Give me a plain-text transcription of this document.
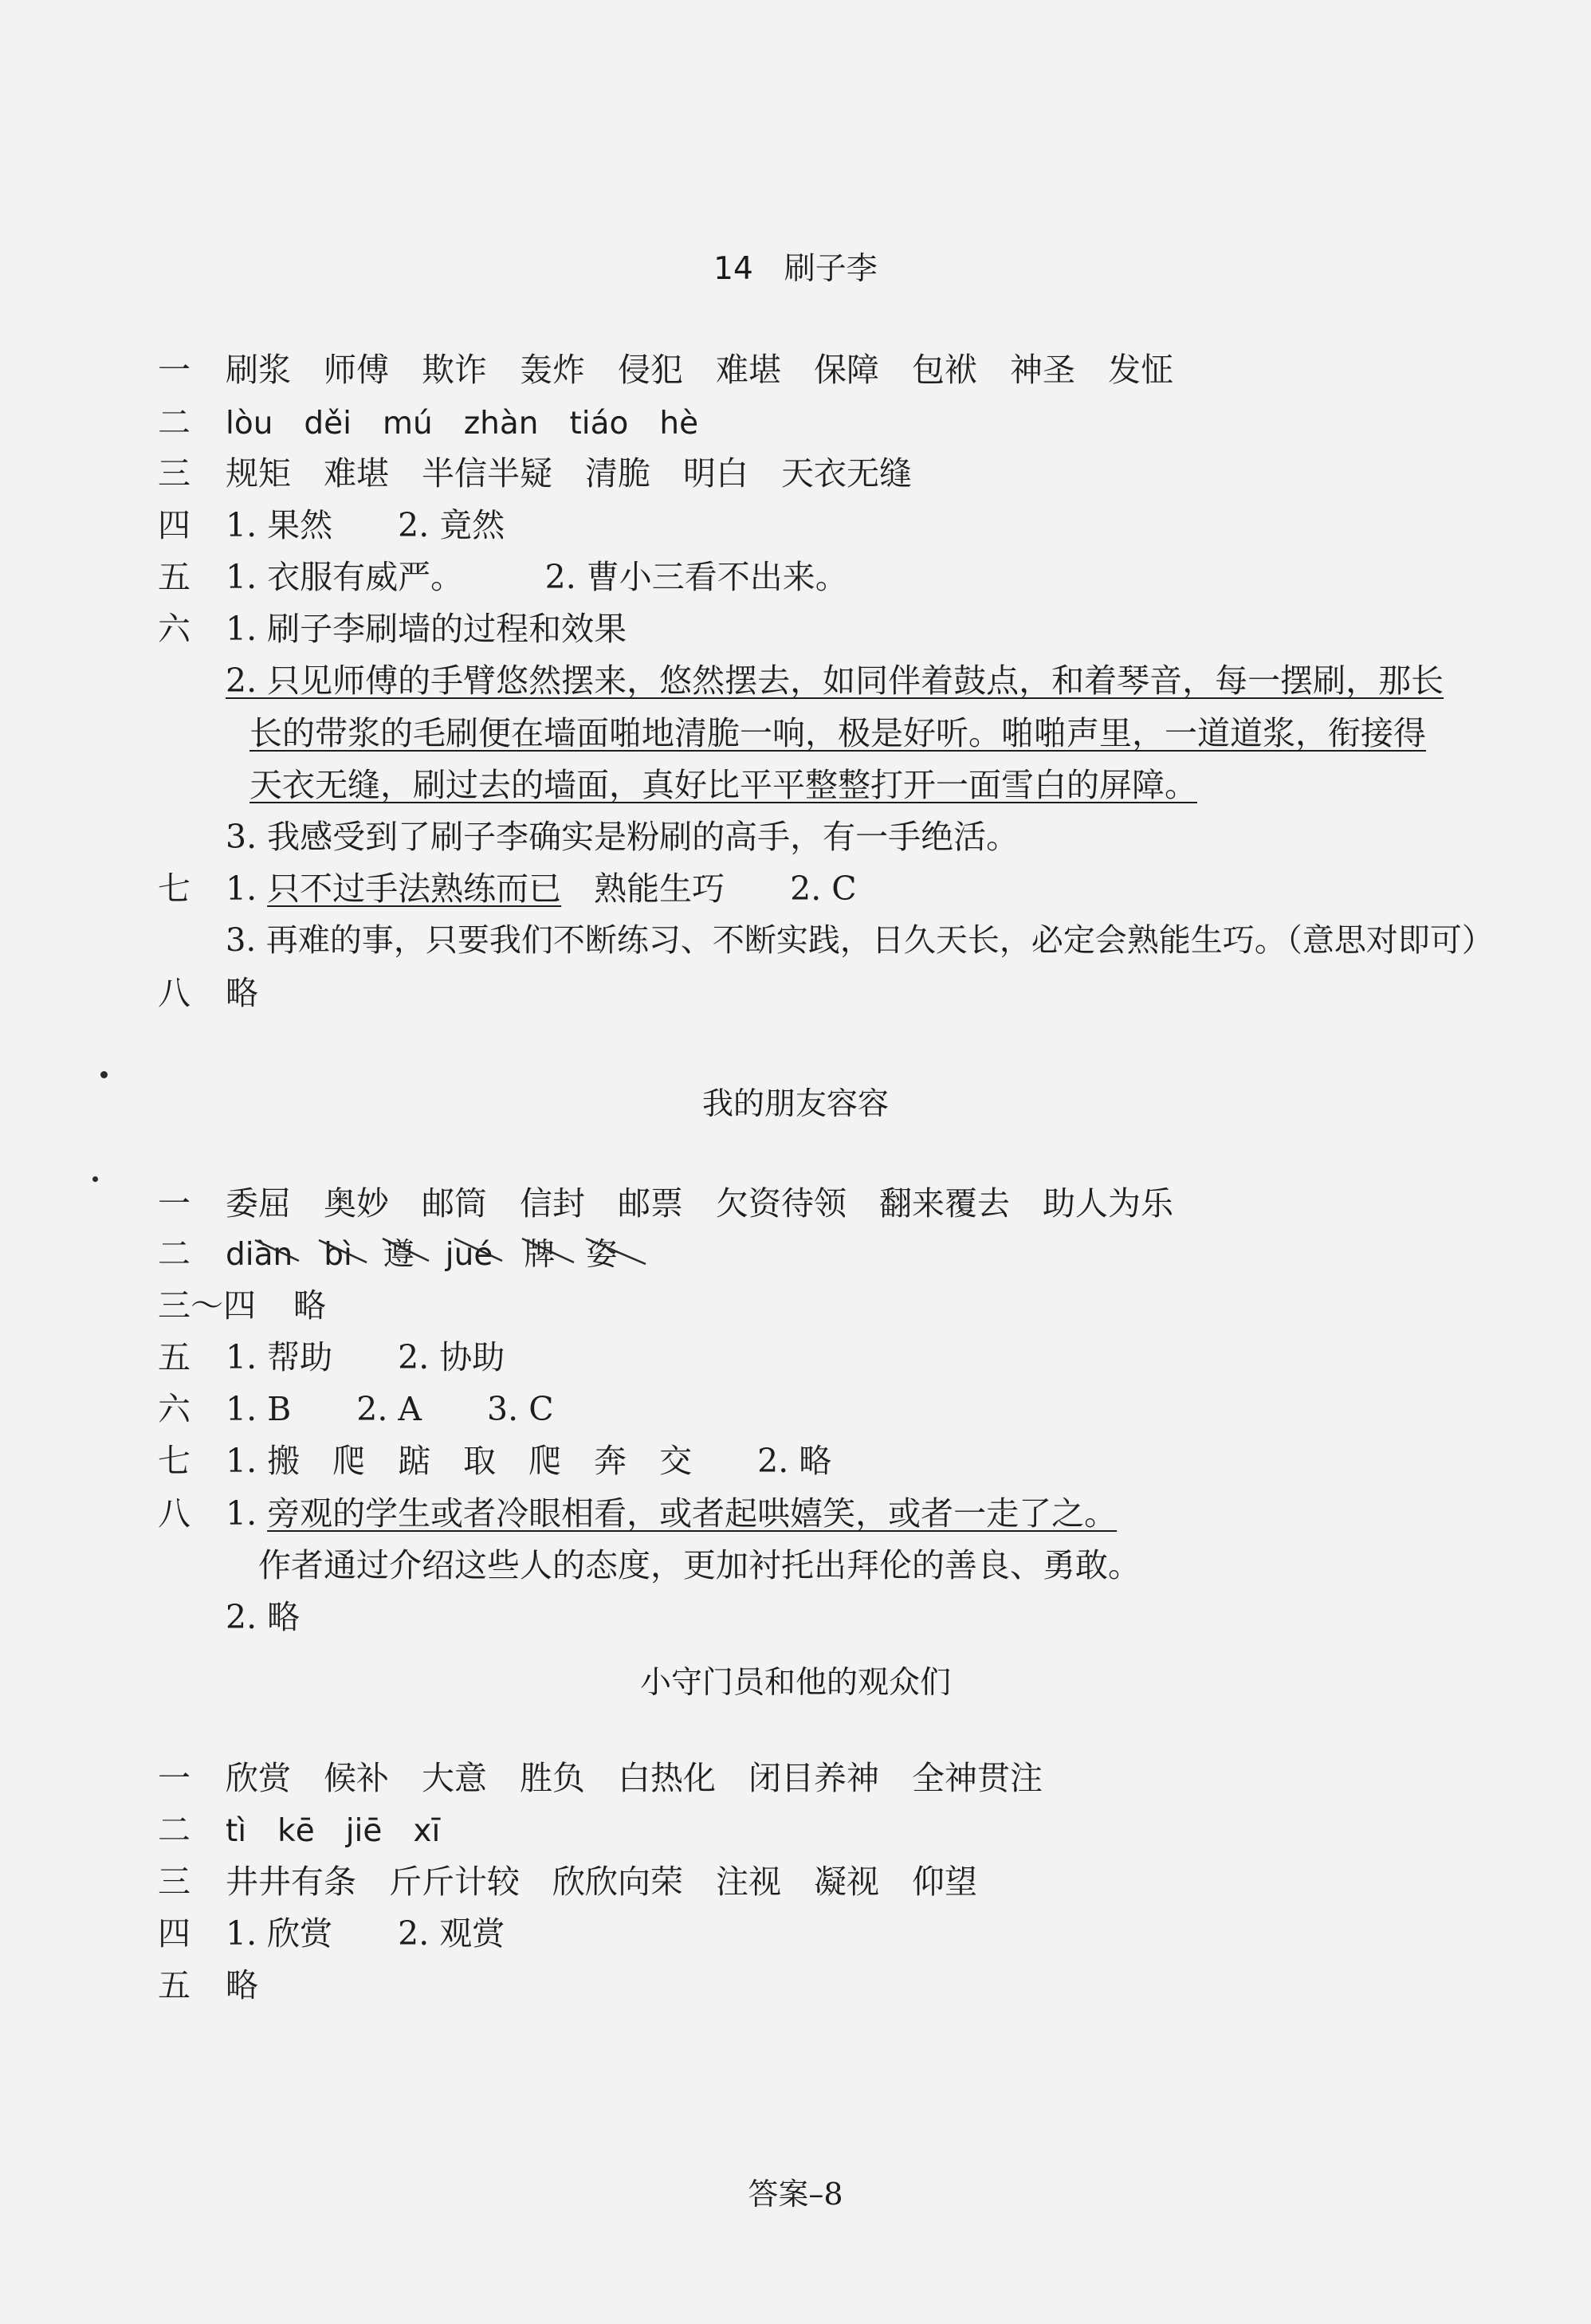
14　刷子李
一 刷浆　师傅　欺诈　轰炸　侵犯　难堪　保障　包袱　神圣　发怔
二 lòu　děi　mú　zhàn　tiáo　hè
三 规矩　难堪　半信半疑　清脆　明白　天衣无缝
四 1. 果然　　2. 竟然
五 1. 衣服有威严。　　　2. 曹小三看不出来。
六 1. 刷子李刷墙的过程和效果
2. 只见师傅的手臂悠然摆来，悠然摆去，如同伴着鼓点，和着琴音，每一摆刷，那长
长的带浆的毛刷便在墙面啪地清脆一响，极是好听。啪啪声里，一道道浆，衔接得
天衣无缝，刷过去的墙面，真好比平平整整打开一面雪白的屏障。
3. 我感受到了刷子李确实是粉刷的高手，有一手绝活。
七 1. 只不过手法熟练而已　熟能生巧　　2. C
3. 再难的事，只要我们不断练习、不断实践，日久天长，必定会熟能生巧。（意思对即可）
八 略
我的朋友容容
一 委屈　奥妙　邮筒　信封　邮票　欠资待领　翻来覆去　助人为乐
二 diàn　bì　遵　jué　牌　姿
三～四 略
五 1. 帮助　　2. 协助
六 1. B　　2. A　　3. C
七 1. 搬　爬　踮　取　爬　奔　交　　2. 略
八 1. 旁观的学生或者冷眼相看，或者起哄嬉笑，或者一走了之。
　作者通过介绍这些人的态度，更加衬托出拜伦的善良、勇敢。
2. 略
小守门员和他的观众们
一 欣赏　候补　大意　胜负　白热化　闭目养神　全神贯注
二 tì　kē　jiē　xī
三 井井有条　斤斤计较　欣欣向荣　注视　凝视　仰望
四 1. 欣赏　　2. 观赏
五 略
答案–8
